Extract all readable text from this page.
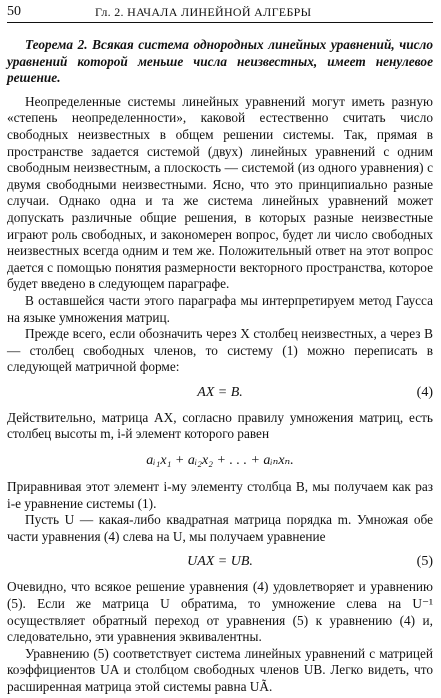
50	Гл. 2. НАЧАЛА ЛИНЕЙНОЙ АЛГЕБРЫ

Теорема 2. Всякая система однородных линейных уравнений, число уравнений которой меньше числа неизвестных, имеет ненулевое решение.

Неопределенные системы линейных уравнений могут иметь разную «степень неопределенности», каковой естественно считать число свободных неизвестных в общем решении системы. Так, прямая в пространстве задается системой (двух) линейных уравнений с одним свободным неизвестным, а плоскость — системой (из одного уравнения) с двумя свободными неизвестными. Ясно, что это принципиально разные случаи. Однако одна и та же система линейных уравнений может допускать различные общие решения, в которых разные неизвестные играют роль свободных, и закономерен вопрос, будет ли число свободных неизвестных всегда одним и тем же. Положительный ответ на этот вопрос дается с помощью понятия размерности векторного пространства, которое будет введено в следующем параграфе.

В оставшейся части этого параграфа мы интерпретируем метод Гаусса на языке умножения матриц.

Прежде всего, если обозначить через X столбец неизвестных, а через B — столбец свободных членов, то систему (1) можно переписать в следующей матричной форме:

AX = B.	(4)

Действительно, матрица AX, согласно правилу умножения матриц, есть столбец высоты m, i-й элемент которого равен

aᵢ₁x₁ + aᵢ₂x₂ + . . . + aᵢₙxₙ.

Приравнивая этот элемент i-му элементу столбца B, мы получаем как раз i-е уравнение системы (1).

Пусть U — какая-либо квадратная матрица порядка m. Умножая обе части уравнения (4) слева на U, мы получаем уравнение

UAX = UB.	(5)

Очевидно, что всякое решение уравнения (4) удовлетворяет и уравнению (5). Если же матрица U обратима, то умножение слева на U⁻¹ осуществляет обратный переход от уравнения (5) к уравнению (4) и, следовательно, эти уравнения эквивалентны.

Уравнению (5) соответствует система линейных уравнений с матрицей коэффициентов UA и столбцом свободных членов UB. Легко видеть, что расширенная матрица этой системы равна UÃ.
